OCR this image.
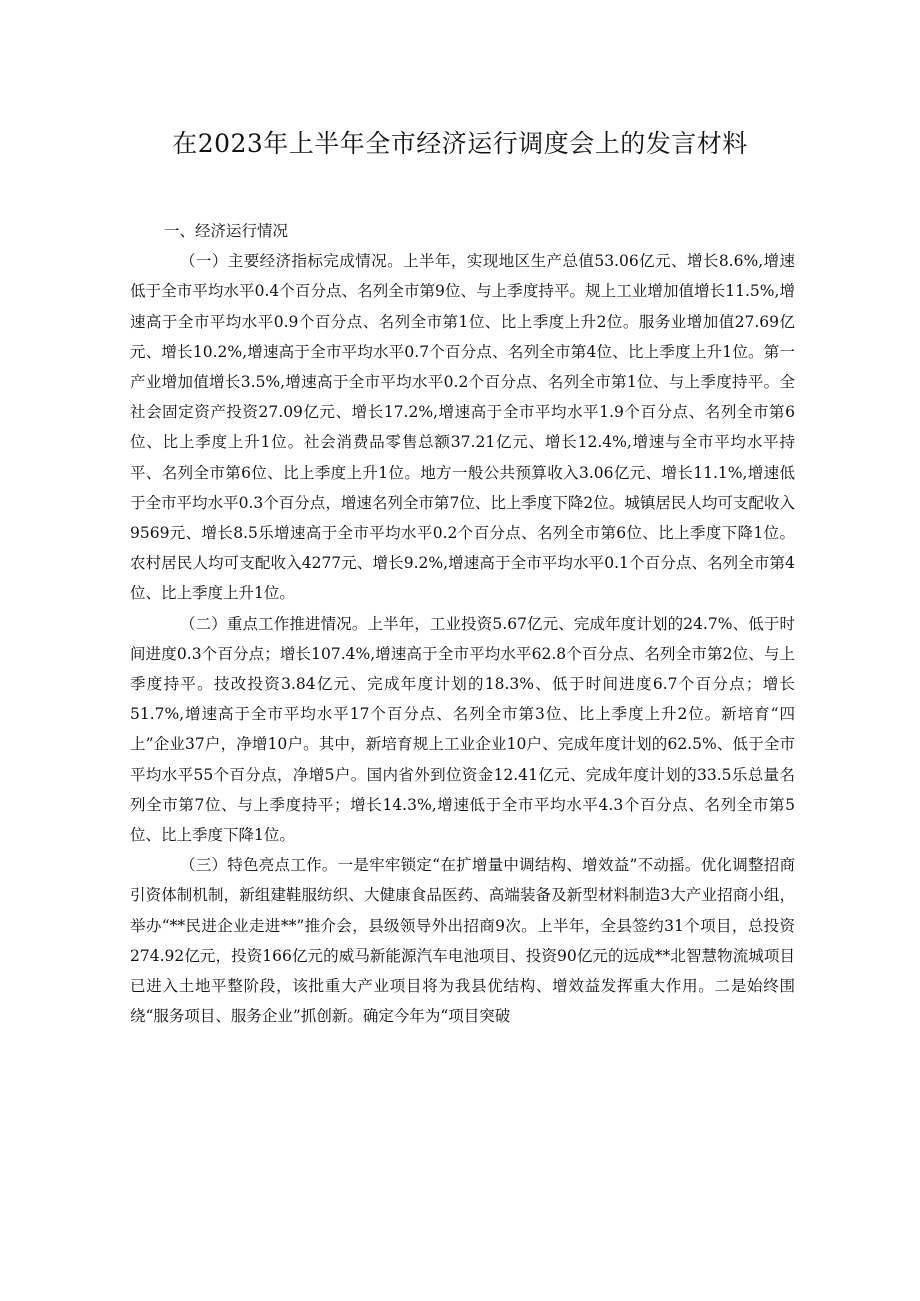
在2023年上半年全市经济运行调度会上的发言材料

一、经济运行情况

（一）主要经济指标完成情况。上半年，实现地区生产总值53.06亿元、增长8.6%,增速低于全市平均水平0.4个百分点、名列全市第9位、与上季度持平。规上工业增加值增长11.5%,增速高于全市平均水平0.9个百分点、名列全市第1位、比上季度上升2位。服务业增加值27.69亿元、增长10.2%,增速高于全市平均水平0.7个百分点、名列全市第4位、比上季度上升1位。第一产业增加值增长3.5%,增速高于全市平均水平0.2个百分点、名列全市第1位、与上季度持平。全社会固定资产投资27.09亿元、增长17.2%,增速高于全市平均水平1.9个百分点、名列全市第6位、比上季度上升1位。社会消费品零售总额37.21亿元、增长12.4%,增速与全市平均水平持平、名列全市第6位、比上季度上升1位。地方一般公共预算收入3.06亿元、增长11.1%,增速低于全市平均水平0.3个百分点，增速名列全市第7位、比上季度下降2位。城镇居民人均可支配收入9569元、增长8.5乐增速高于全市平均水平0.2个百分点、名列全市第6位、比上季度下降1位。农村居民人均可支配收入4277元、增长9.2%,增速高于全市平均水平0.1个百分点、名列全市第4位、比上季度上升1位。

（二）重点工作推进情况。上半年，工业投资5.67亿元、完成年度计划的24.7%、低于时间进度0.3个百分点；增长107.4%,增速高于全市平均水平62.8个百分点、名列全市第2位、与上季度持平。技改投资3.84亿元、完成年度计划的18.3%、低于时间进度6.7个百分点；增长51.7%,增速高于全市平均水平17个百分点、名列全市第3位、比上季度上升2位。新培育“四上”企业37户，净增10户。其中，新培育规上工业企业10户、完成年度计划的62.5%、低于全市平均水平55个百分点，净增5户。国内省外到位资金12.41亿元、完成年度计划的33.5乐总量名列全市第7位、与上季度持平；增长14.3%,增速低于全市平均水平4.3个百分点、名列全市第5位、比上季度下降1位。

（三）特色亮点工作。一是牢牢锁定“在扩增量中调结构、增效益”不动摇。优化调整招商引资体制机制，新组建鞋服纺织、大健康食品医药、高端装备及新型材料制造3大产业招商小组，举办“**民进企业走进**”推介会，县级领导外出招商9次。上半年，全县签约31个项目，总投资274.92亿元，投资166亿元的威马新能源汽车电池项目、投资90亿元的远成**北智慧物流城项目已进入土地平整阶段，该批重大产业项目将为我县优结构、增效益发挥重大作用。二是始终围绕“服务项目、服务企业”抓创新。确定今年为“项目突破
